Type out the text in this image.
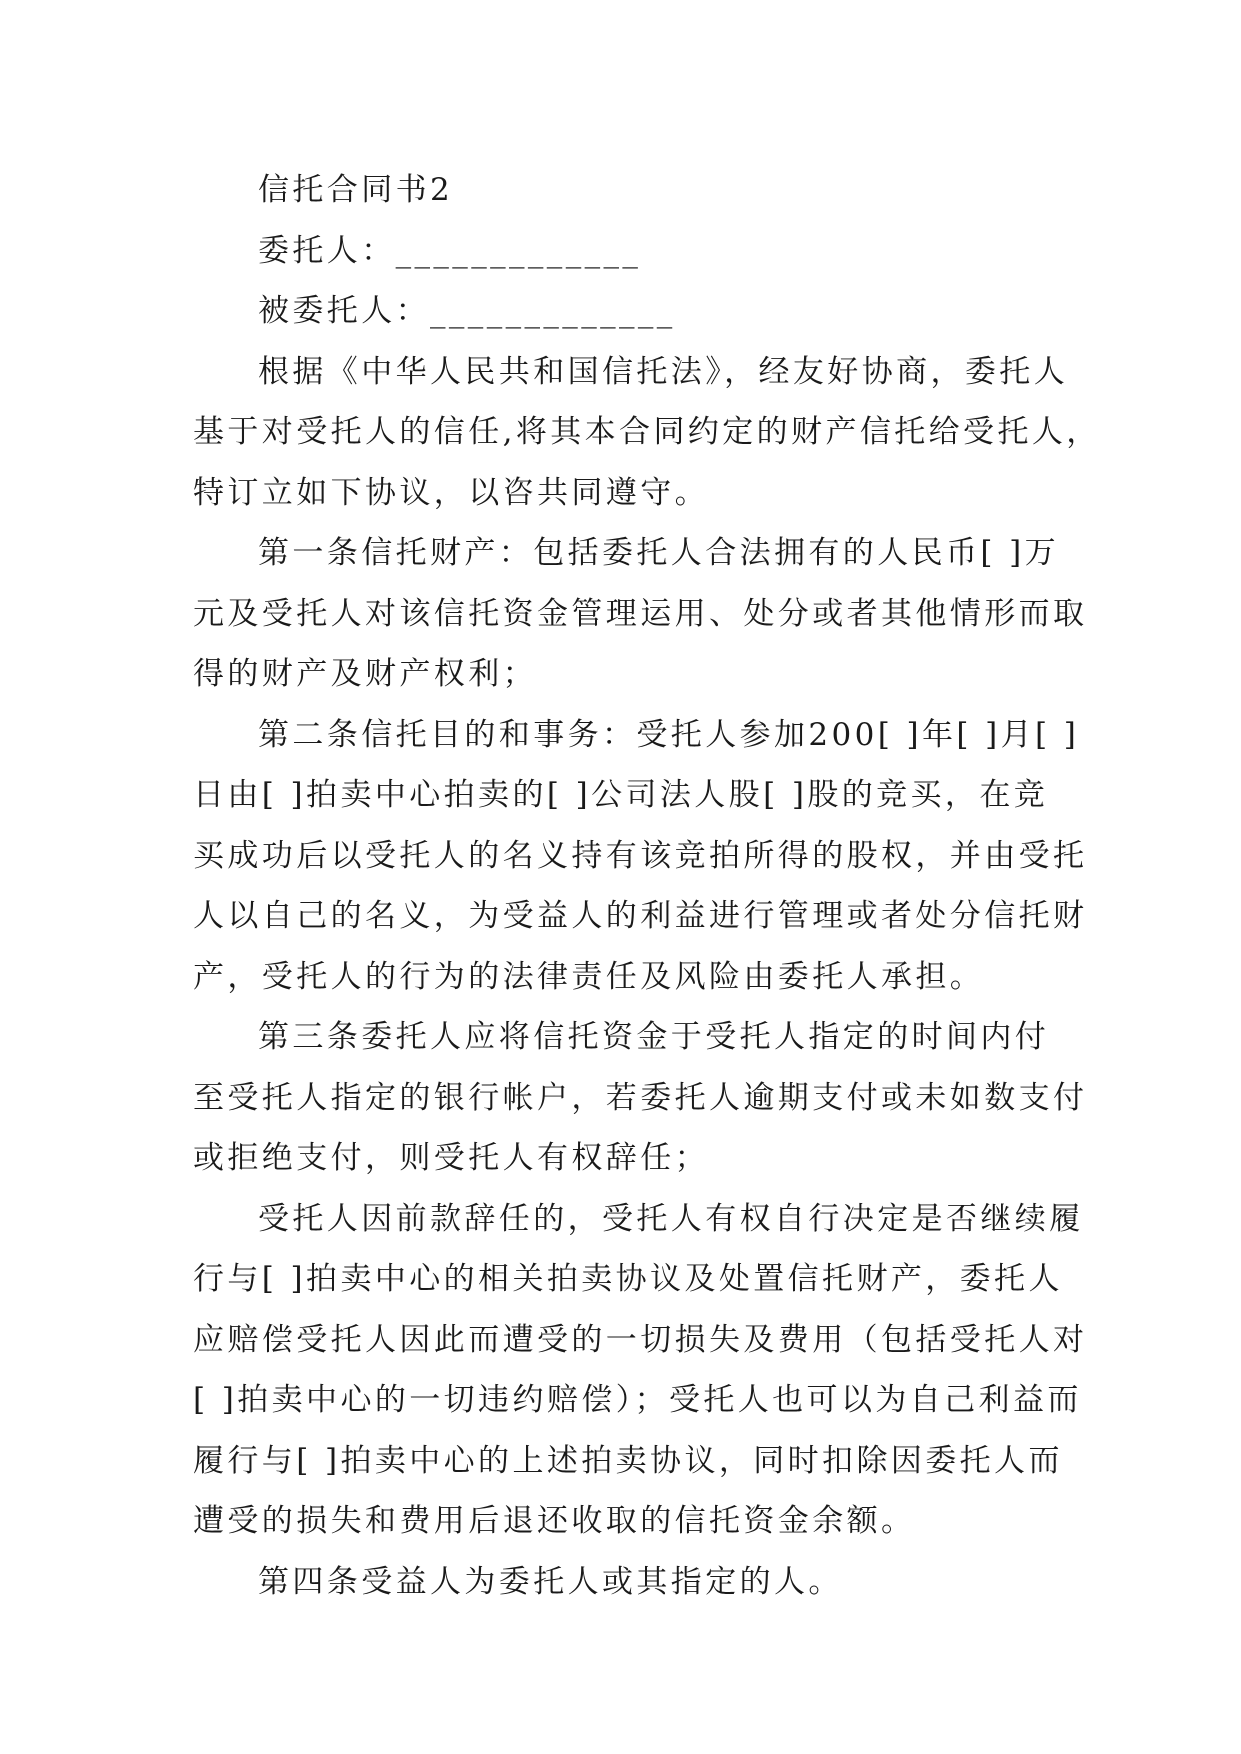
信托合同书2

委托人：_____________

被委托人：_____________

根据《中华人民共和国信托法》，经友好协商，委托人

基于对受托人的信任,将其本合同约定的财产信托给受托人，

特订立如下协议，以咨共同遵守。

第一条信托财产：包括委托人合法拥有的人民币[ ]万

元及受托人对该信托资金管理运用、处分或者其他情形而取

得的财产及财产权利；

第二条信托目的和事务：受托人参加200[ ]年[ ]月[ ]

日由[ ]拍卖中心拍卖的[ ]公司法人股[ ]股的竞买，在竞

买成功后以受托人的名义持有该竞拍所得的股权，并由受托

人以自己的名义，为受益人的利益进行管理或者处分信托财

产，受托人的行为的法律责任及风险由委托人承担。

第三条委托人应将信托资金于受托人指定的时间内付

至受托人指定的银行帐户，若委托人逾期支付或未如数支付

或拒绝支付，则受托人有权辞任；

受托人因前款辞任的，受托人有权自行决定是否继续履

行与[ ]拍卖中心的相关拍卖协议及处置信托财产，委托人

应赔偿受托人因此而遭受的一切损失及费用（包括受托人对

[ ]拍卖中心的一切违约赔偿）；受托人也可以为自己利益而

履行与[ ]拍卖中心的上述拍卖协议，同时扣除因委托人而

遭受的损失和费用后退还收取的信托资金余额。

第四条受益人为委托人或其指定的人。
